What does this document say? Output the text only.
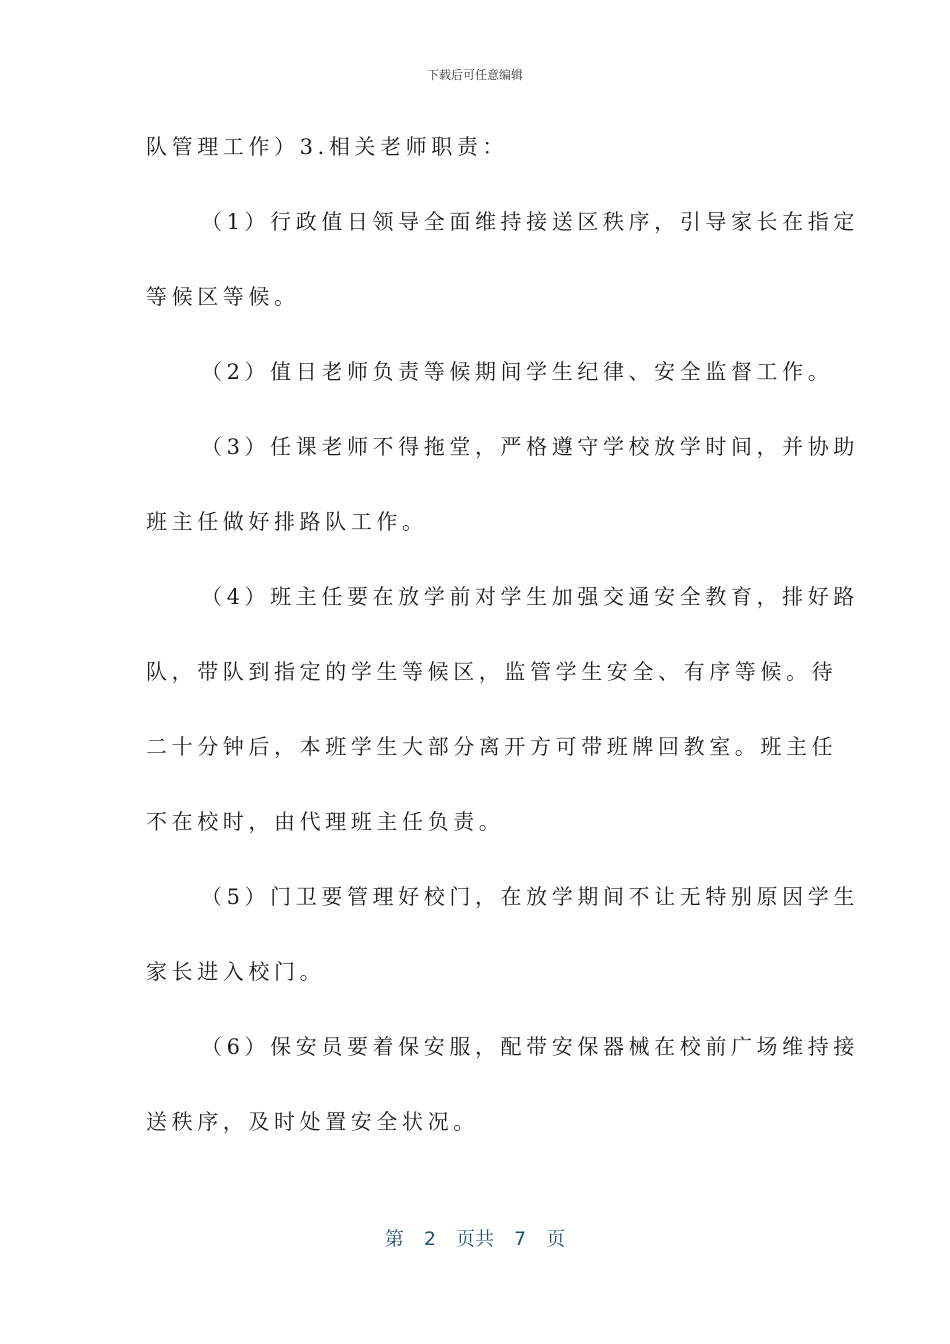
下载后可任意编辑
队管理工作）3.相关老师职责：
（1）行政值日领导全面维持接送区秩序，引导家长在指定
等候区等候。
（2）值日老师负责等候期间学生纪律、安全监督工作。
（3）任课老师不得拖堂，严格遵守学校放学时间，并协助
班主任做好排路队工作。
（4）班主任要在放学前对学生加强交通安全教育，排好路
队，带队到指定的学生等候区，监管学生安全、有序等候。待
二十分钟后，本班学生大部分离开方可带班牌回教室。班主任
不在校时，由代理班主任负责。
（5）门卫要管理好校门，在放学期间不让无特别原因学生
家长进入校门。
（6）保安员要着保安服，配带安保器械在校前广场维持接
送秩序，及时处置安全状况。
第 2 页共 7 页
